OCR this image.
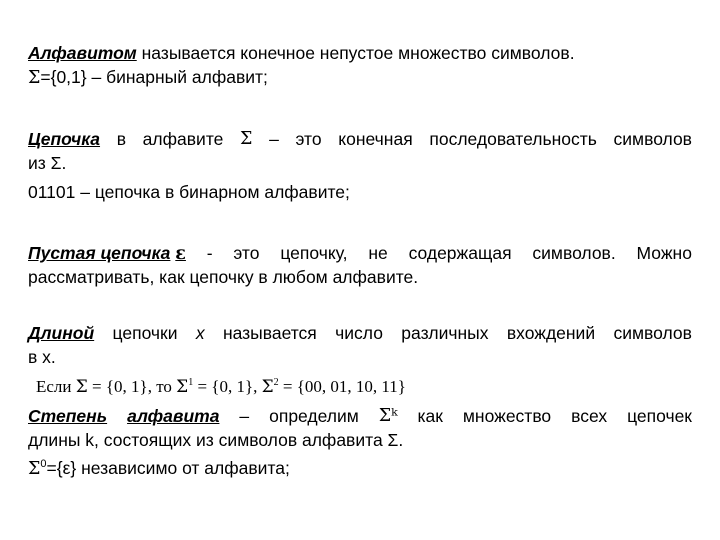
Алфавитом называется конечное непустое множество символов.
Σ={0,1} – бинарный алфавит;
Цепочка в алфавите Σ – это конечная последовательность символов
из Σ.
01101 – цепочка в бинарном алфавите;
Пустая цепочка ε - это цепочку, не содержащая символов. Можно
рассматривать, как цепочку в любом алфавите.
Длиной цепочки x называется число различных вхождений символов
в x.
Если Σ = {0, 1}, то $\Sigma^1 = \{0$, 1}, $\Sigma^2 = \{00$, 01, 10, 11}
Степень алфавита – определим Σᵏ как множество всех цепочек
длины k, состоящих из символов алфавита Σ.
$\Sigma^0=\{\varepsilon\}$ независимо от алфавита;
